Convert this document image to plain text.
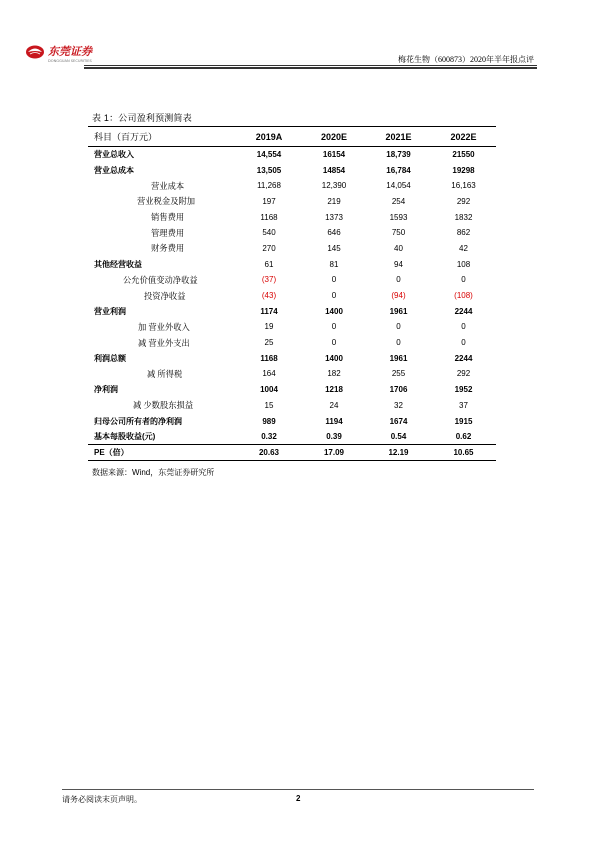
东莞证券
DONGGUAN SECURITIES	梅花生物（600873）2020年半年报点评
表 1：公司盈利预测简表
科目（百万元）	2019A	2020E	2021E	2022E
营业总收入	14,554	16154	18,739	21550
营业总成本	13,505	14854	16,784	19298
营业成本	11,268	12,390	14,054	16,163
营业税金及附加	197	219	254	292
销售费用	1168	1373	1593	1832
管理费用	540	646	750	862
财务费用	270	145	40	42
其他经营收益	61	81	94	108
公允价值变动净收益	(37)	0	0	0
投资净收益	(43)	0	(94)	(108)
营业利润	1174	1400	1961	2244
加 营业外收入	19	0	0	0
减 营业外支出	25	0	0	0
利润总额	1168	1400	1961	2244
减 所得税	164	182	255	292
净利润	1004	1218	1706	1952
减 少数股东损益	15	24	32	37
归母公司所有者的净利润	989	1194	1674	1915
基本每股收益(元)	0.32	0.39	0.54	0.62
PE（倍）	20.63	17.09	12.19	10.65
数据来源：Wind，东莞证券研究所
请务必阅读末页声明。	2
